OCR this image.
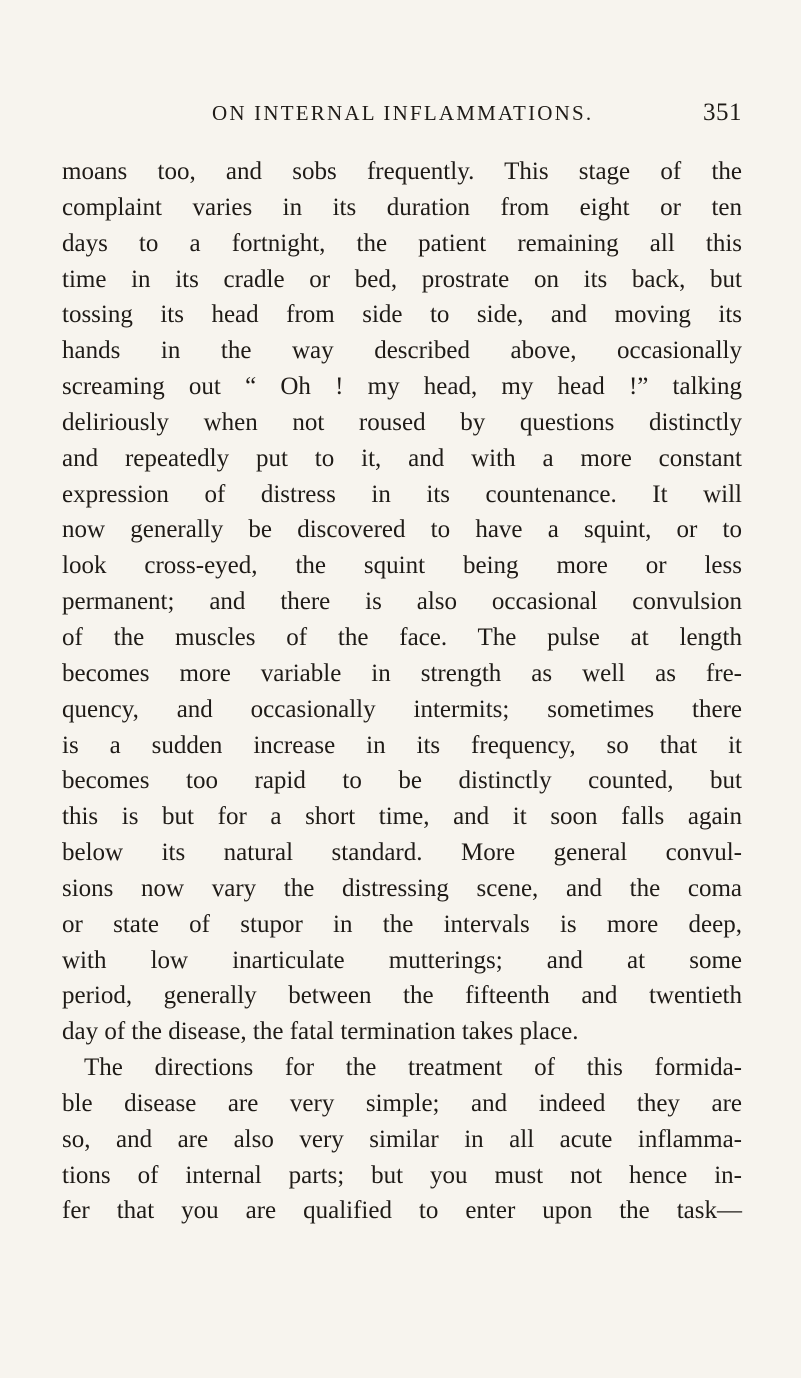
ON INTERNAL INFLAMMATIONS.	351
moans too, and sobs frequently. This stage of the
complaint varies in its duration from eight or ten
days to a fortnight, the patient remaining all this
time in its cradle or bed, prostrate on its back, but
tossing its head from side to side, and moving its
hands in the way described above, occasionally
screaming out “ Oh ! my head, my head !” talking
deliriously when not roused by questions distinctly
and repeatedly put to it, and with a more constant
expression of distress in its countenance. It will
now generally be discovered to have a squint, or to
look cross-eyed, the squint being more or less
permanent; and there is also occasional convulsion
of the muscles of the face. The pulse at length
becomes more variable in strength as well as fre-
quency, and occasionally intermits; sometimes there
is a sudden increase in its frequency, so that it
becomes too rapid to be distinctly counted, but
this is but for a short time, and it soon falls again
below its natural standard. More general convul-
sions now vary the distressing scene, and the coma
or state of stupor in the intervals is more deep,
with low inarticulate mutterings; and at some
period, generally between the fifteenth and twentieth
day of the disease, the fatal termination takes place.
The directions for the treatment of this formida-
ble disease are very simple; and indeed they are
so, and are also very similar in all acute inflamma-
tions of internal parts; but you must not hence in-
fer that you are qualified to enter upon the task—
